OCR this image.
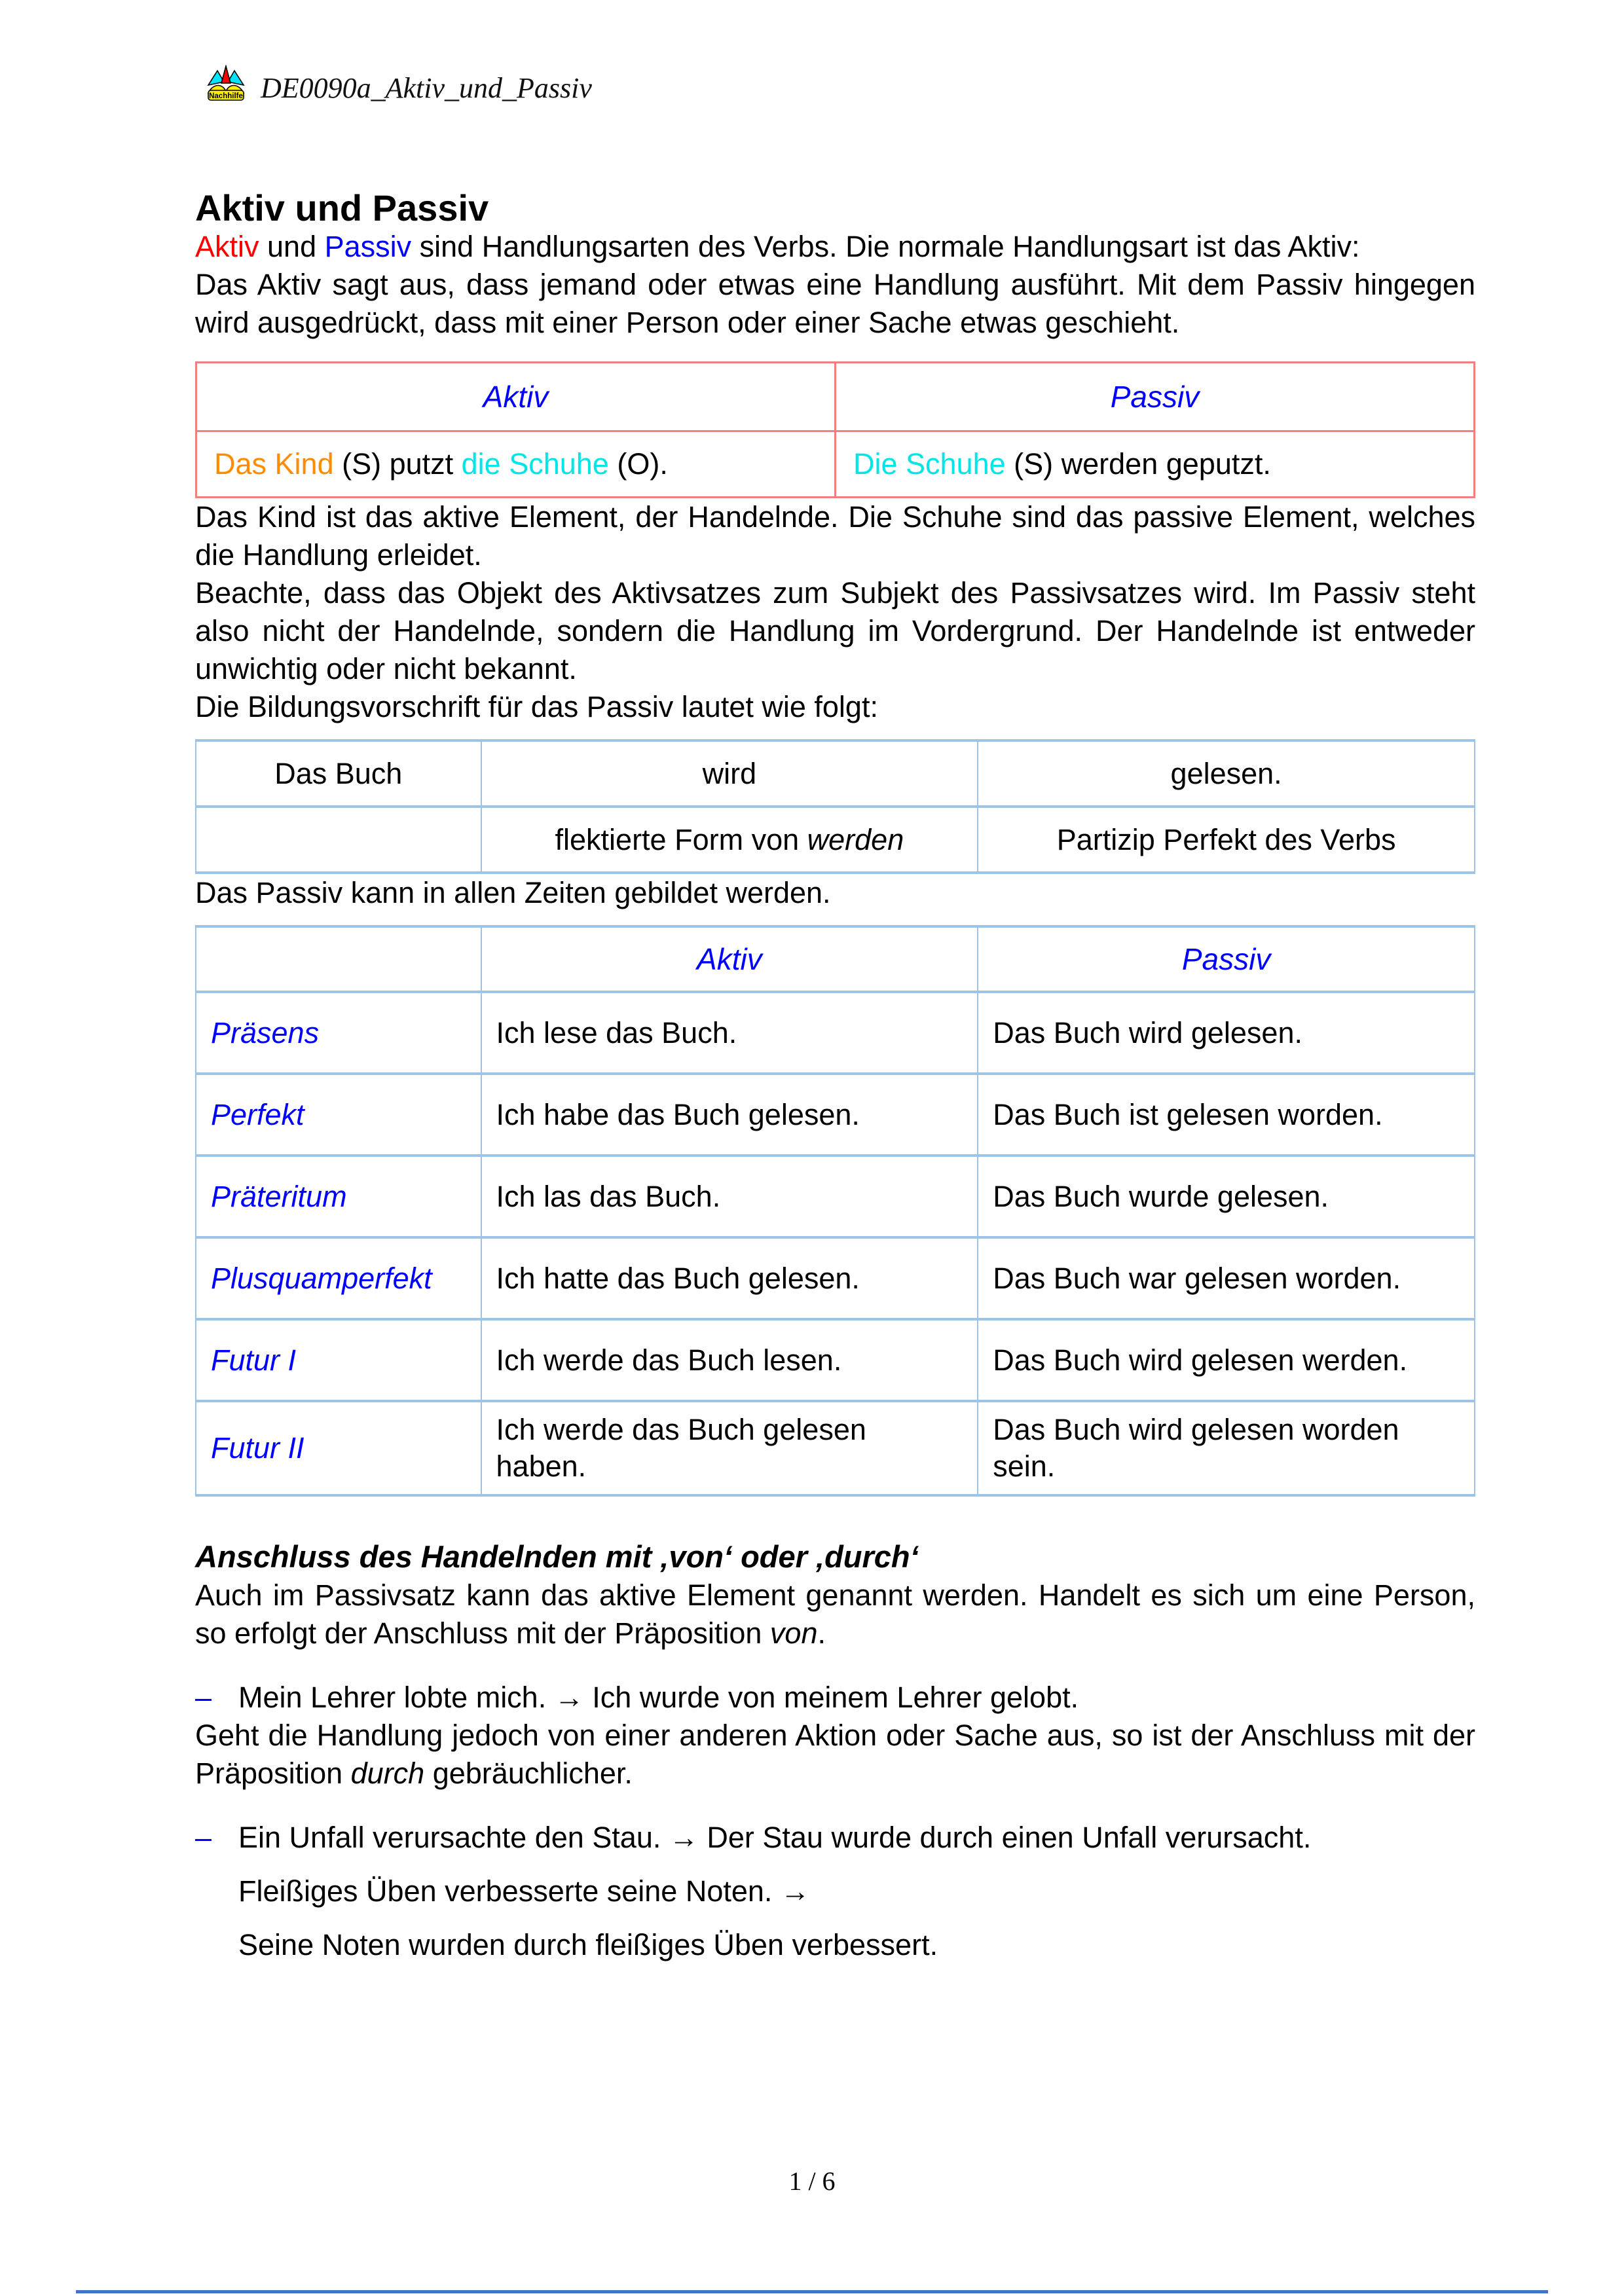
Nachhilfe DE0090a_Aktiv_und_Passiv
Aktiv und Passiv

Aktiv und Passiv sind Handlungsarten des Verbs. Die normale Handlungsart ist das Aktiv:

Das Aktiv sagt aus, dass jemand oder etwas eine Handlung ausführt. Mit dem Passiv hingegen wird ausgedrückt, dass mit einer Person oder einer Sache etwas geschieht.

Aktiv	Passiv
Das Kind (S) putzt die Schuhe (O).	Die Schuhe (S) werden geputzt.

Das Kind ist das aktive Element, der Handelnde. Die Schuhe sind das passive Element, welches die Handlung erleidet.

Beachte, dass das Objekt des Aktivsatzes zum Subjekt des Passivsatzes wird. Im Passiv steht also nicht der Handelnde, sondern die Handlung im Vordergrund. Der Handelnde ist entweder unwichtig oder nicht bekannt.

Die Bildungsvorschrift für das Passiv lautet wie folgt:

Das Buch	wird	gelesen.
	flektierte Form von werden	Partizip Perfekt des Verbs

Das Passiv kann in allen Zeiten gebildet werden.

	Aktiv	Passiv
Präsens	Ich lese das Buch.	Das Buch wird gelesen.
Perfekt	Ich habe das Buch gelesen.	Das Buch ist gelesen worden.
Präteritum	Ich las das Buch.	Das Buch wurde gelesen.
Plusquamperfekt	Ich hatte das Buch gelesen.	Das Buch war gelesen worden.
Futur I	Ich werde das Buch lesen.	Das Buch wird gelesen werden.
Futur II	Ich werde das Buch gelesen haben.	Das Buch wird gelesen worden sein.
Anschluss des Handelnden mit ‚von‘ oder ‚durch‘

Auch im Passivsatz kann das aktive Element genannt werden. Handelt es sich um eine Person, so erfolgt der Anschluss mit der Präposition von.

– Mein Lehrer lobte mich. → Ich wurde von meinem Lehrer gelobt.

Geht die Handlung jedoch von einer anderen Aktion oder Sache aus, so ist der Anschluss mit der Präposition durch gebräuchlicher.

– Ein Unfall verursachte den Stau. → Der Stau wurde durch einen Unfall verursacht.
Fleißiges Üben verbesserte seine Noten. →
Seine Noten wurden durch fleißiges Üben verbessert.
1 / 6
